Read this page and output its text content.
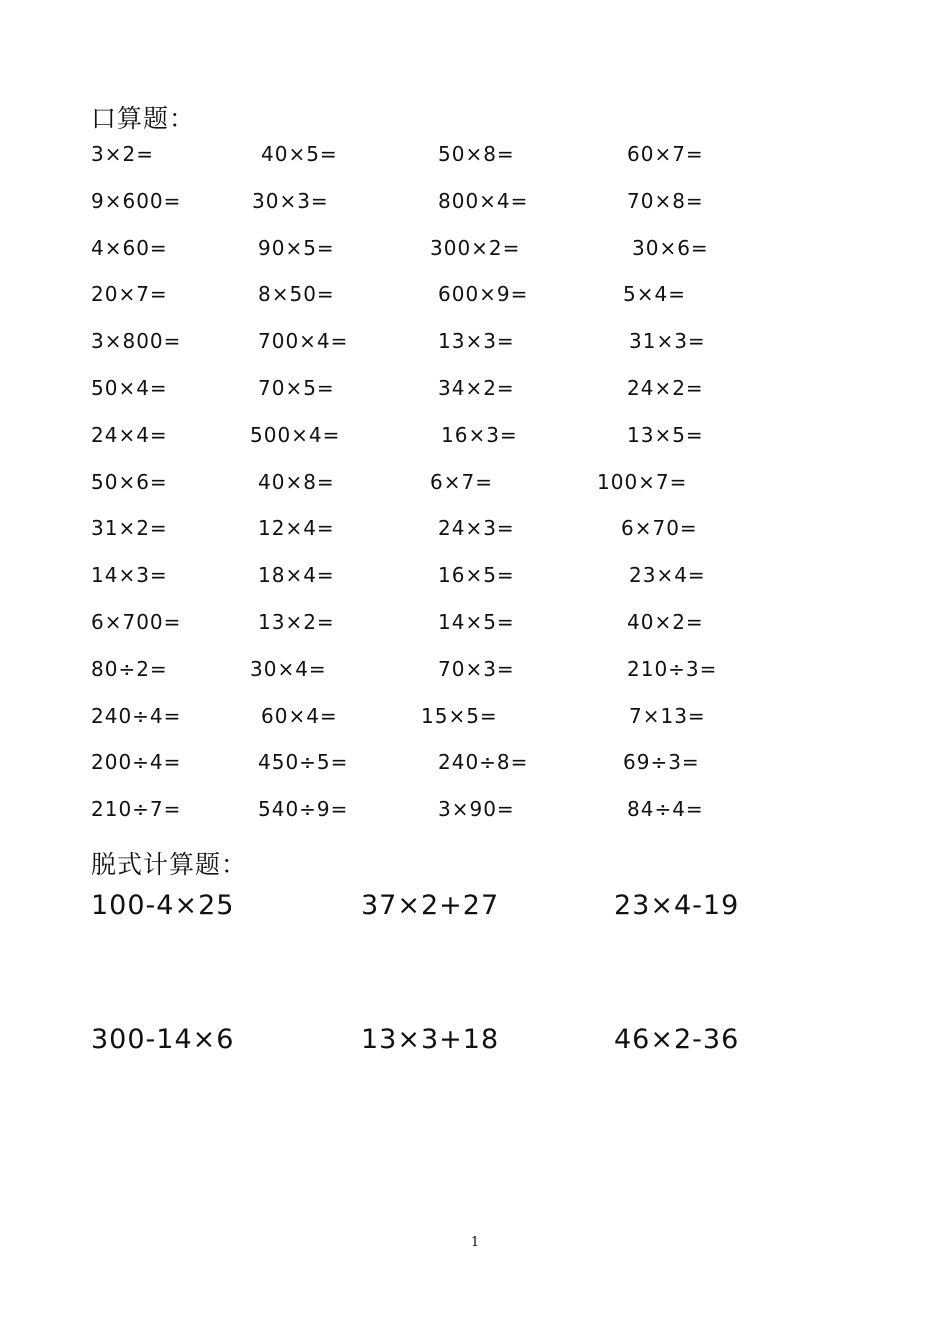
口算题：
3×2=	40×5=	50×8=	60×7=
9×600=	30×3=	800×4=	70×8=
4×60=	90×5=	300×2=	30×6=
20×7=	8×50=	600×9=	5×4=
3×800=	700×4=	13×3=	31×3=
50×4=	70×5=	34×2=	24×2=
24×4=	500×4=	16×3=	13×5=
50×6=	40×8=	6×7=	100×7=
31×2=	12×4=	24×3=	6×70=
14×3=	18×4=	16×5=	23×4=
6×700=	13×2=	14×5=	40×2=
80÷2=	30×4=	70×3=	210÷3=
240÷4=	60×4=	15×5=	7×13=
200÷4=	450÷5=	240÷8=	69÷3=
210÷7=	540÷9=	3×90=	84÷4=
脱式计算题：
100-4×25	37×2+27	23×4-19
300-14×6	13×3+18	46×2-36
1
